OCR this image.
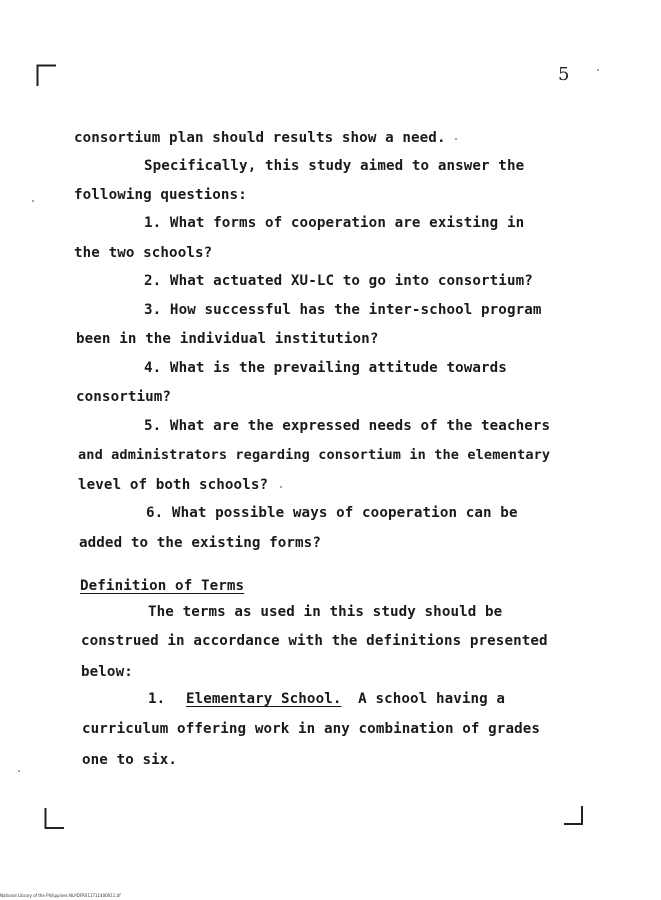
5
consortium plan should results show a need.
Specifically, this study aimed to answer the
following questions:
1. What forms of cooperation are existing in
the two schools?
2. What actuated XU-LC to go into consortium?
3. How successful has the inter-school program
been in the individual institution?
4. What is the prevailing attitude towards
consortium?
5. What are the expressed needs of the teachers
and administrators regarding consortium in the elementary
level of both schools?
6. What possible ways of cooperation can be
added to the existing forms?
Definition of Terms
The terms as used in this study should be
construed in accordance with the definitions presented
below:
1. Elementary School. A school having a
curriculum offering work in any combination of grades
one to six.
National Library of the Philippines NLPDFR011711400011.tif
